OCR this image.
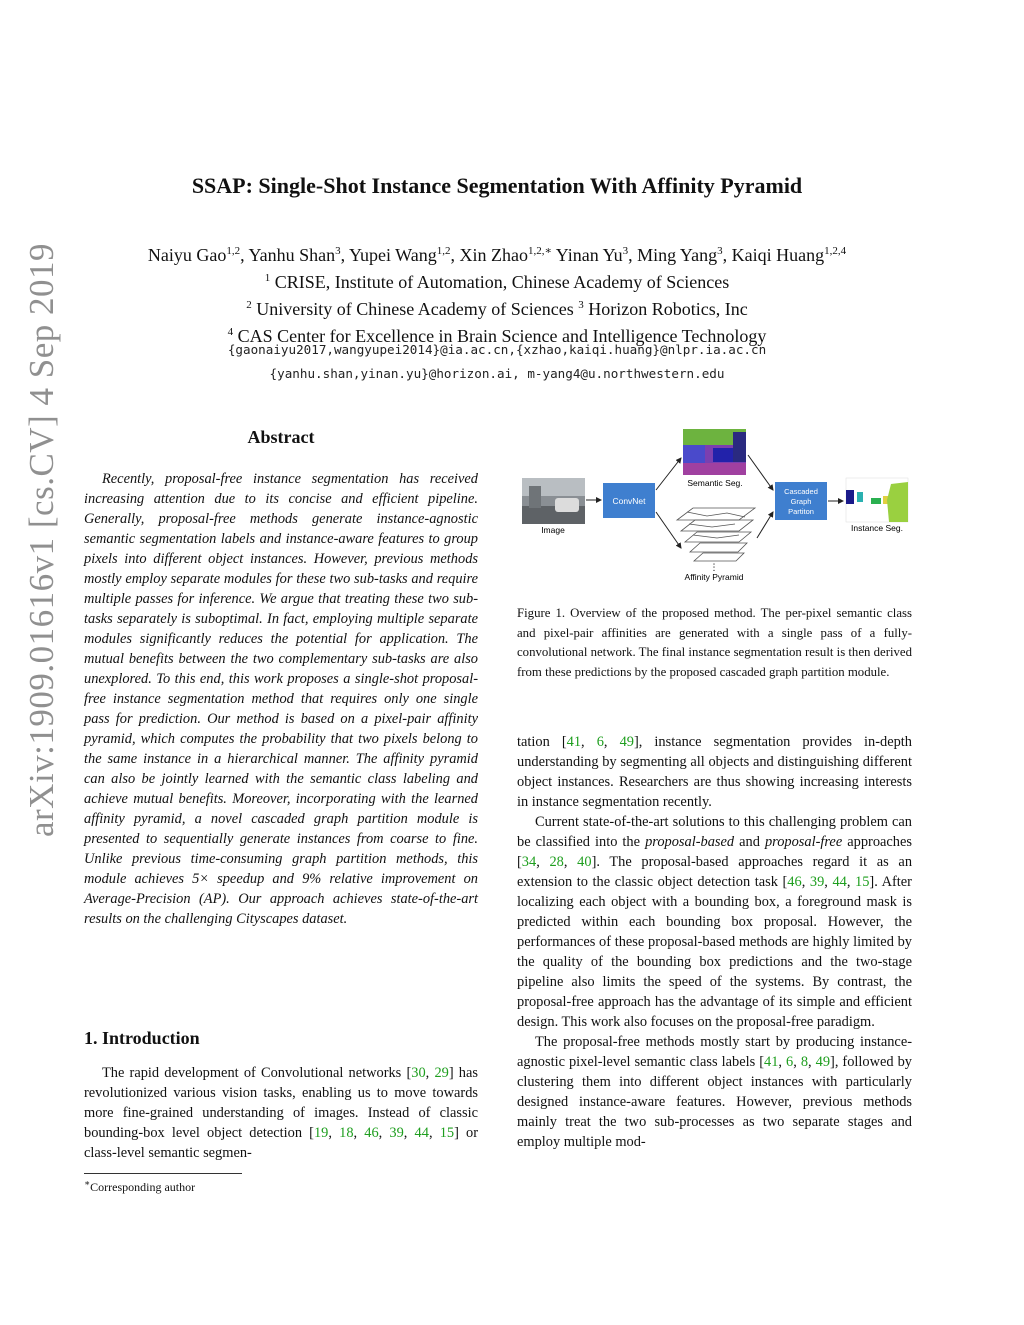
arXiv:1909.01616v1 [cs.CV] 4 Sep 2019
SSAP: Single-Shot Instance Segmentation With Affinity Pyramid
Naiyu Gao$^{1,2}$, Yanhu Shan$^3$, Yupei Wang$^{1,2}$, Xin Zhao$^{1,2,∗}$ Yinan Yu$^3$, Ming Yang$^3$, Kaiqi Huang$^{1,2,4}$
$^1$ CRISE, Institute of Automation, Chinese Academy of Sciences
$^2$ University of Chinese Academy of Sciences $^3$ Horizon Robotics, Inc
$^4$ CAS Center for Excellence in Brain Science and Intelligence Technology
{gaonaiyu2017,wangyupei2014}@ia.ac.cn,{xzhao,kaiqi.huang}@nlpr.ia.ac.cn
{yanhu.shan,yinan.yu}@horizon.ai, m-yang4@u.northwestern.edu
Abstract

Recently, proposal-free instance segmentation has received increasing attention due to its concise and efficient pipeline. Generally, proposal-free methods generate instance-agnostic semantic segmentation labels and instance-aware features to group pixels into different object instances. However, previous methods mostly employ separate modules for these two sub-tasks and require multiple passes for inference. We argue that treating these two sub-tasks separately is suboptimal. In fact, employing multiple separate modules significantly reduces the potential for application. The mutual benefits between the two complementary sub-tasks are also unexplored. To this end, this work proposes a single-shot proposal-free instance segmentation method that requires only one single pass for prediction. Our method is based on a pixel-pair affinity pyramid, which computes the probability that two pixels belong to the same instance in a hierarchical manner. The affinity pyramid can also be jointly learned with the semantic class labeling and achieve mutual benefits. Moreover, incorporating with the learned affinity pyramid, a novel cascaded graph partition module is presented to sequentially generate instances from coarse to fine. Unlike previous time-consuming graph partition methods, this module achieves 5× speedup and 9% relative improvement on Average-Precision (AP). Our approach achieves state-of-the-art results on the challenging Cityscapes dataset.

1. Introduction

The rapid development of Convolutional networks [30, 29] has revolutionized various vision tasks, enabling us to move towards more fine-grained understanding of images. Instead of classic bounding-box level object detection [19, 18, 46, 39, 44, 15] or class-level semantic segmen-

∗Corresponding author
Image
ConvNet
Semantic Seg.
⋮
Affinity Pyramid
Cascaded
Graph
Partiton
Instance Seg.
Figure 1. Overview of the proposed method. The per-pixel semantic class and pixel-pair affinities are generated with a single pass of a fully-convolutional network. The final instance segmentation result is then derived from these predictions by the proposed cascaded graph partition module.

tation [41, 6, 49], instance segmentation provides in-depth understanding by segmenting all objects and distinguishing different object instances. Researchers are thus showing increasing interests in instance segmentation recently.

Current state-of-the-art solutions to this challenging problem can be classified into the proposal-based and proposal-free approaches [34, 28, 40]. The proposal-based approaches regard it as an extension to the classic object detection task [46, 39, 44, 15]. After localizing each object with a bounding box, a foreground mask is predicted within each bounding box proposal. However, the performances of these proposal-based methods are highly limited by the quality of the bounding box predictions and the two-stage pipeline also limits the speed of the systems. By contrast, the proposal-free approach has the advantage of its simple and efficient design. This work also focuses on the proposal-free paradigm.

The proposal-free methods mostly start by producing instance-agnostic pixel-level semantic class labels [41, 6, 8, 49], followed by clustering them into different object instances with particularly designed instance-aware features. However, previous methods mainly treat the two sub-processes as two separate stages and employ multiple mod-
